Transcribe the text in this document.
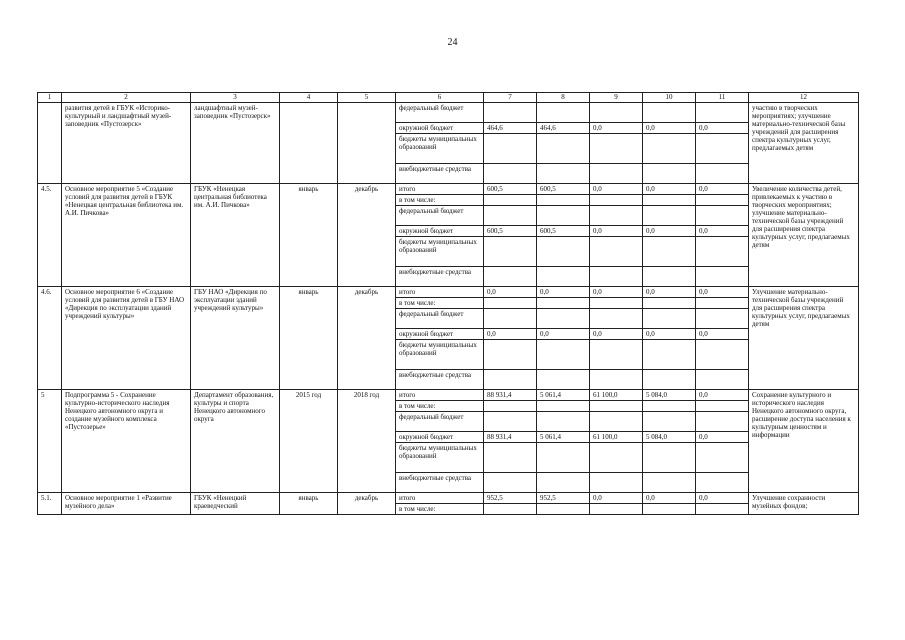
24
1	2	3	4	5	6	7	8	9	10	11	12
	развития детей в ГБУК «Историко-культурный и ландшафтный музей-заповедник «Пустозерск»	ландшафтный музей-заповедник «Пустозерск»			федеральный бюджет						участию в творческих мероприятиях; улучшение материально-технической базы учреждений для расширения спектра культурных услуг, предлагаемых детям
					окружной бюджет	464,6	464,6	0,0	0,0	0,0	
					бюджеты муниципальных образований						
					внебюджетные средства						
4.5.	Основное мероприятие 5 «Создание условий для развития детей в ГБУК «Ненецкая центральная библиотека им. А.И. Пичкова»	ГБУК «Ненецкая центральная библиотека им. А.И. Пичкова»	январь	декабрь	итого	600,5	600,5	0,0	0,0	0,0	Увеличение количества детей, привлекаемых к участию в творческих мероприятиях; улучшение материально-технической базы учреждений для расширения спектра культурных услуг, предлагаемых детям
					в том числе:						
					федеральный бюджет						
					окружной бюджет	600,5	600,5	0,0	0,0	0,0	
					бюджеты муниципальных образований						
					внебюджетные средства						
4.6.	Основное мероприятие 6 «Создание условий для развития детей в ГБУ НАО «Дирекция по эксплуатации зданий учреждений культуры»	ГБУ НАО «Дирекция по эксплуатации зданий учреждений культуры»	январь	декабрь	итого	0,0	0,0	0,0	0,0	0,0	Улучшение материально-технической базы учреждений для расширения спектра культурных услуг, предлагаемых детям
					в том числе:						
					федеральный бюджет						
					окружной бюджет	0,0	0,0	0,0	0,0	0,0	
					бюджеты муниципальных образований						
					внебюджетные средства						
5	Подпрограмма 5 - Сохранение культурно-исторического наследия Ненецкого автономного округа и создание музейного комплекса «Пустозерье»	Департамент образования, культуры и спорта Ненецкого автономного округа	2015 год	2018 год	итого	88 931,4	5 061,4	61 100,0	5 084,0	0,0	Сохранение культурного и исторического наследия Ненецкого автономного округа, расширение доступа населения к культурным ценностям и информации
					в том числе:						
					федеральный бюджет						
					окружной бюджет	88 931,4	5 061,4	61 100,0	5 084,0	0,0	
					бюджеты муниципальных образований						
					внебюджетные средства						
5.1.	Основное мероприятие 1 «Развитие музейного дела»	ГБУК «Ненецкий краеведческий	январь	декабрь	итого	952,5	952,5	0,0	0,0	0,0	Улучшение сохранности музейных фондов;
					в том числе:						
